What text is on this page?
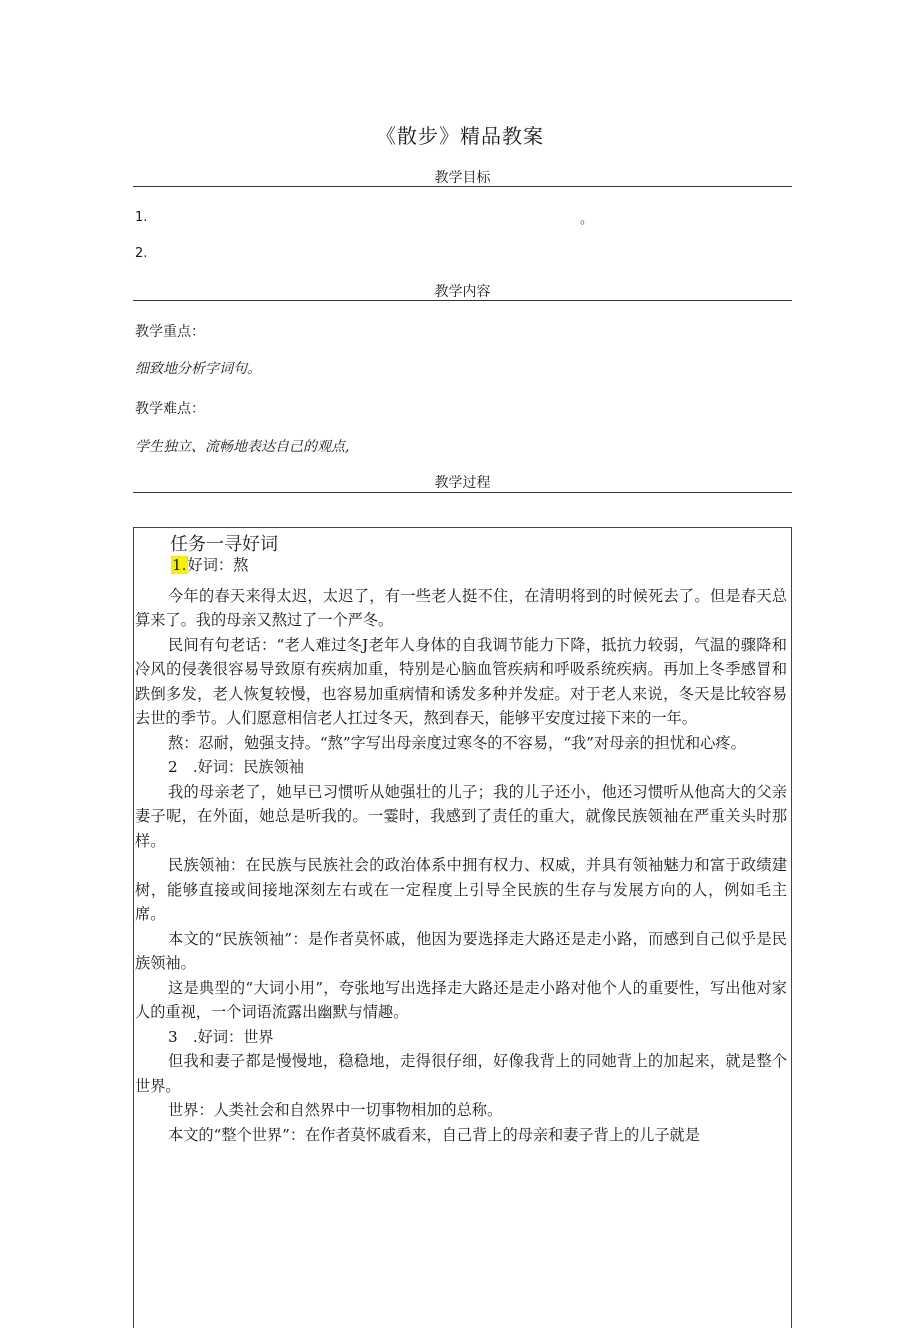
《散步》精品教案
教学目标
1.	。
2.
教学内容
教学重点：
细致地分析字词句。
教学难点：
学生独立、流畅地表达自己的观点,
教学过程
任务一寻好词

1.好词：熬

今年的春天来得太迟，太迟了，有一些老人挺不住，在清明将到的时候死去了。但是春天总算来了。我的母亲又熬过了一个严冬。

民间有句老话：“老人难过冬J老年人身体的自我调节能力下降，抵抗力较弱，气温的骤降和冷风的侵袭很容易导致原有疾病加重，特别是心脑血管疾病和呼吸系统疾病。再加上冬季感冒和跌倒多发，老人恢复较慢，也容易加重病情和诱发多种并发症。对于老人来说，冬天是比较容易去世的季节。人们愿意相信老人扛过冬天，熬到春天，能够平安度过接下来的一年。

熬：忍耐，勉强支持。“熬”字写出母亲度过寒冬的不容易，“我”对母亲的担忧和心疼。

2　.好词：民族领袖

我的母亲老了，她早已习惯听从她强壮的儿子；我的儿子还小，他还习惯听从他高大的父亲 妻子呢，在外面，她总是听我的。一霎时，我感到了责任的重大，就像民族领袖在严重关头时那样。

民族领袖：在民族与民族社会的政治体系中拥有权力、权威，并具有领袖魅力和富于政绩建树，能够直接或间接地深刻左右或在一定程度上引导全民族的生存与发展方向的人，例如毛主席。

本文的“民族领袖”：是作者莫怀戚，他因为要选择走大路还是走小路，而感到自己似乎是民族领袖。

这是典型的“大词小用”，夸张地写出选择走大路还是走小路对他个人的重要性，写出他对家人的重视，一个词语流露出幽默与情趣。

3　.好词：世界

但我和妻子都是慢慢地，稳稳地，走得很仔细，好像我背上的同她背上的加起来，就是整个世界。

世界：人类社会和自然界中一切事物相加的总称。

本文的“整个世界”：在作者莫怀戚看来，自己背上的母亲和妻子背上的儿子就是
